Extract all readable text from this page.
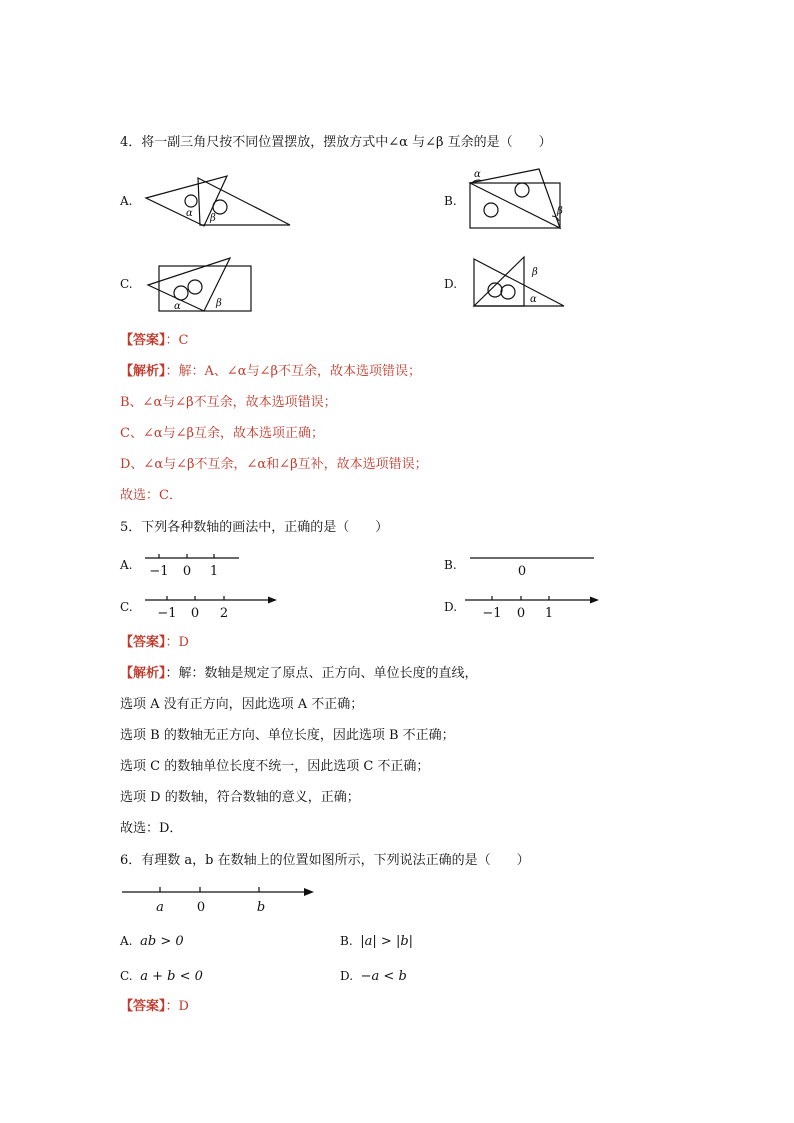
4．将一副三角尺按不同位置摆放，摆放方式中∠α 与∠β 互余的是（　　）
A.
α β
B.
α
β
C.
α	β
D.
β
α
【答案】：C
【解析】：解：A、∠α与∠β不互余，故本选项错误；
B、∠α与∠β不互余，故本选项错误；
C、∠α与∠β互余，故本选项正确；
D、∠α与∠β不互余，∠α和∠β互补，故本选项错误；
故选：C．
5．下列各种数轴的画法中，正确的是（　　）
A. −1 0 1	B.	0
C. −1 0 2	D. −1 0 1
【答案】：D
【解析】：解：数轴是规定了原点、正方向、单位长度的直线，
选项 A 没有正方向，因此选项 A 不正确；
选项 B 的数轴无正方向、单位长度，因此选项 B 不正确；
选项 C 的数轴单位长度不统一，因此选项 C 不正确；
选项 D 的数轴，符合数轴的意义，正确；
故选：D．
6．有理数 a，b 在数轴上的位置如图所示，下列说法正确的是（　　）
a	0	b
A. ab > 0	B. |a| > |b|
C. a + b < 0	D. −a < b
【答案】：D
